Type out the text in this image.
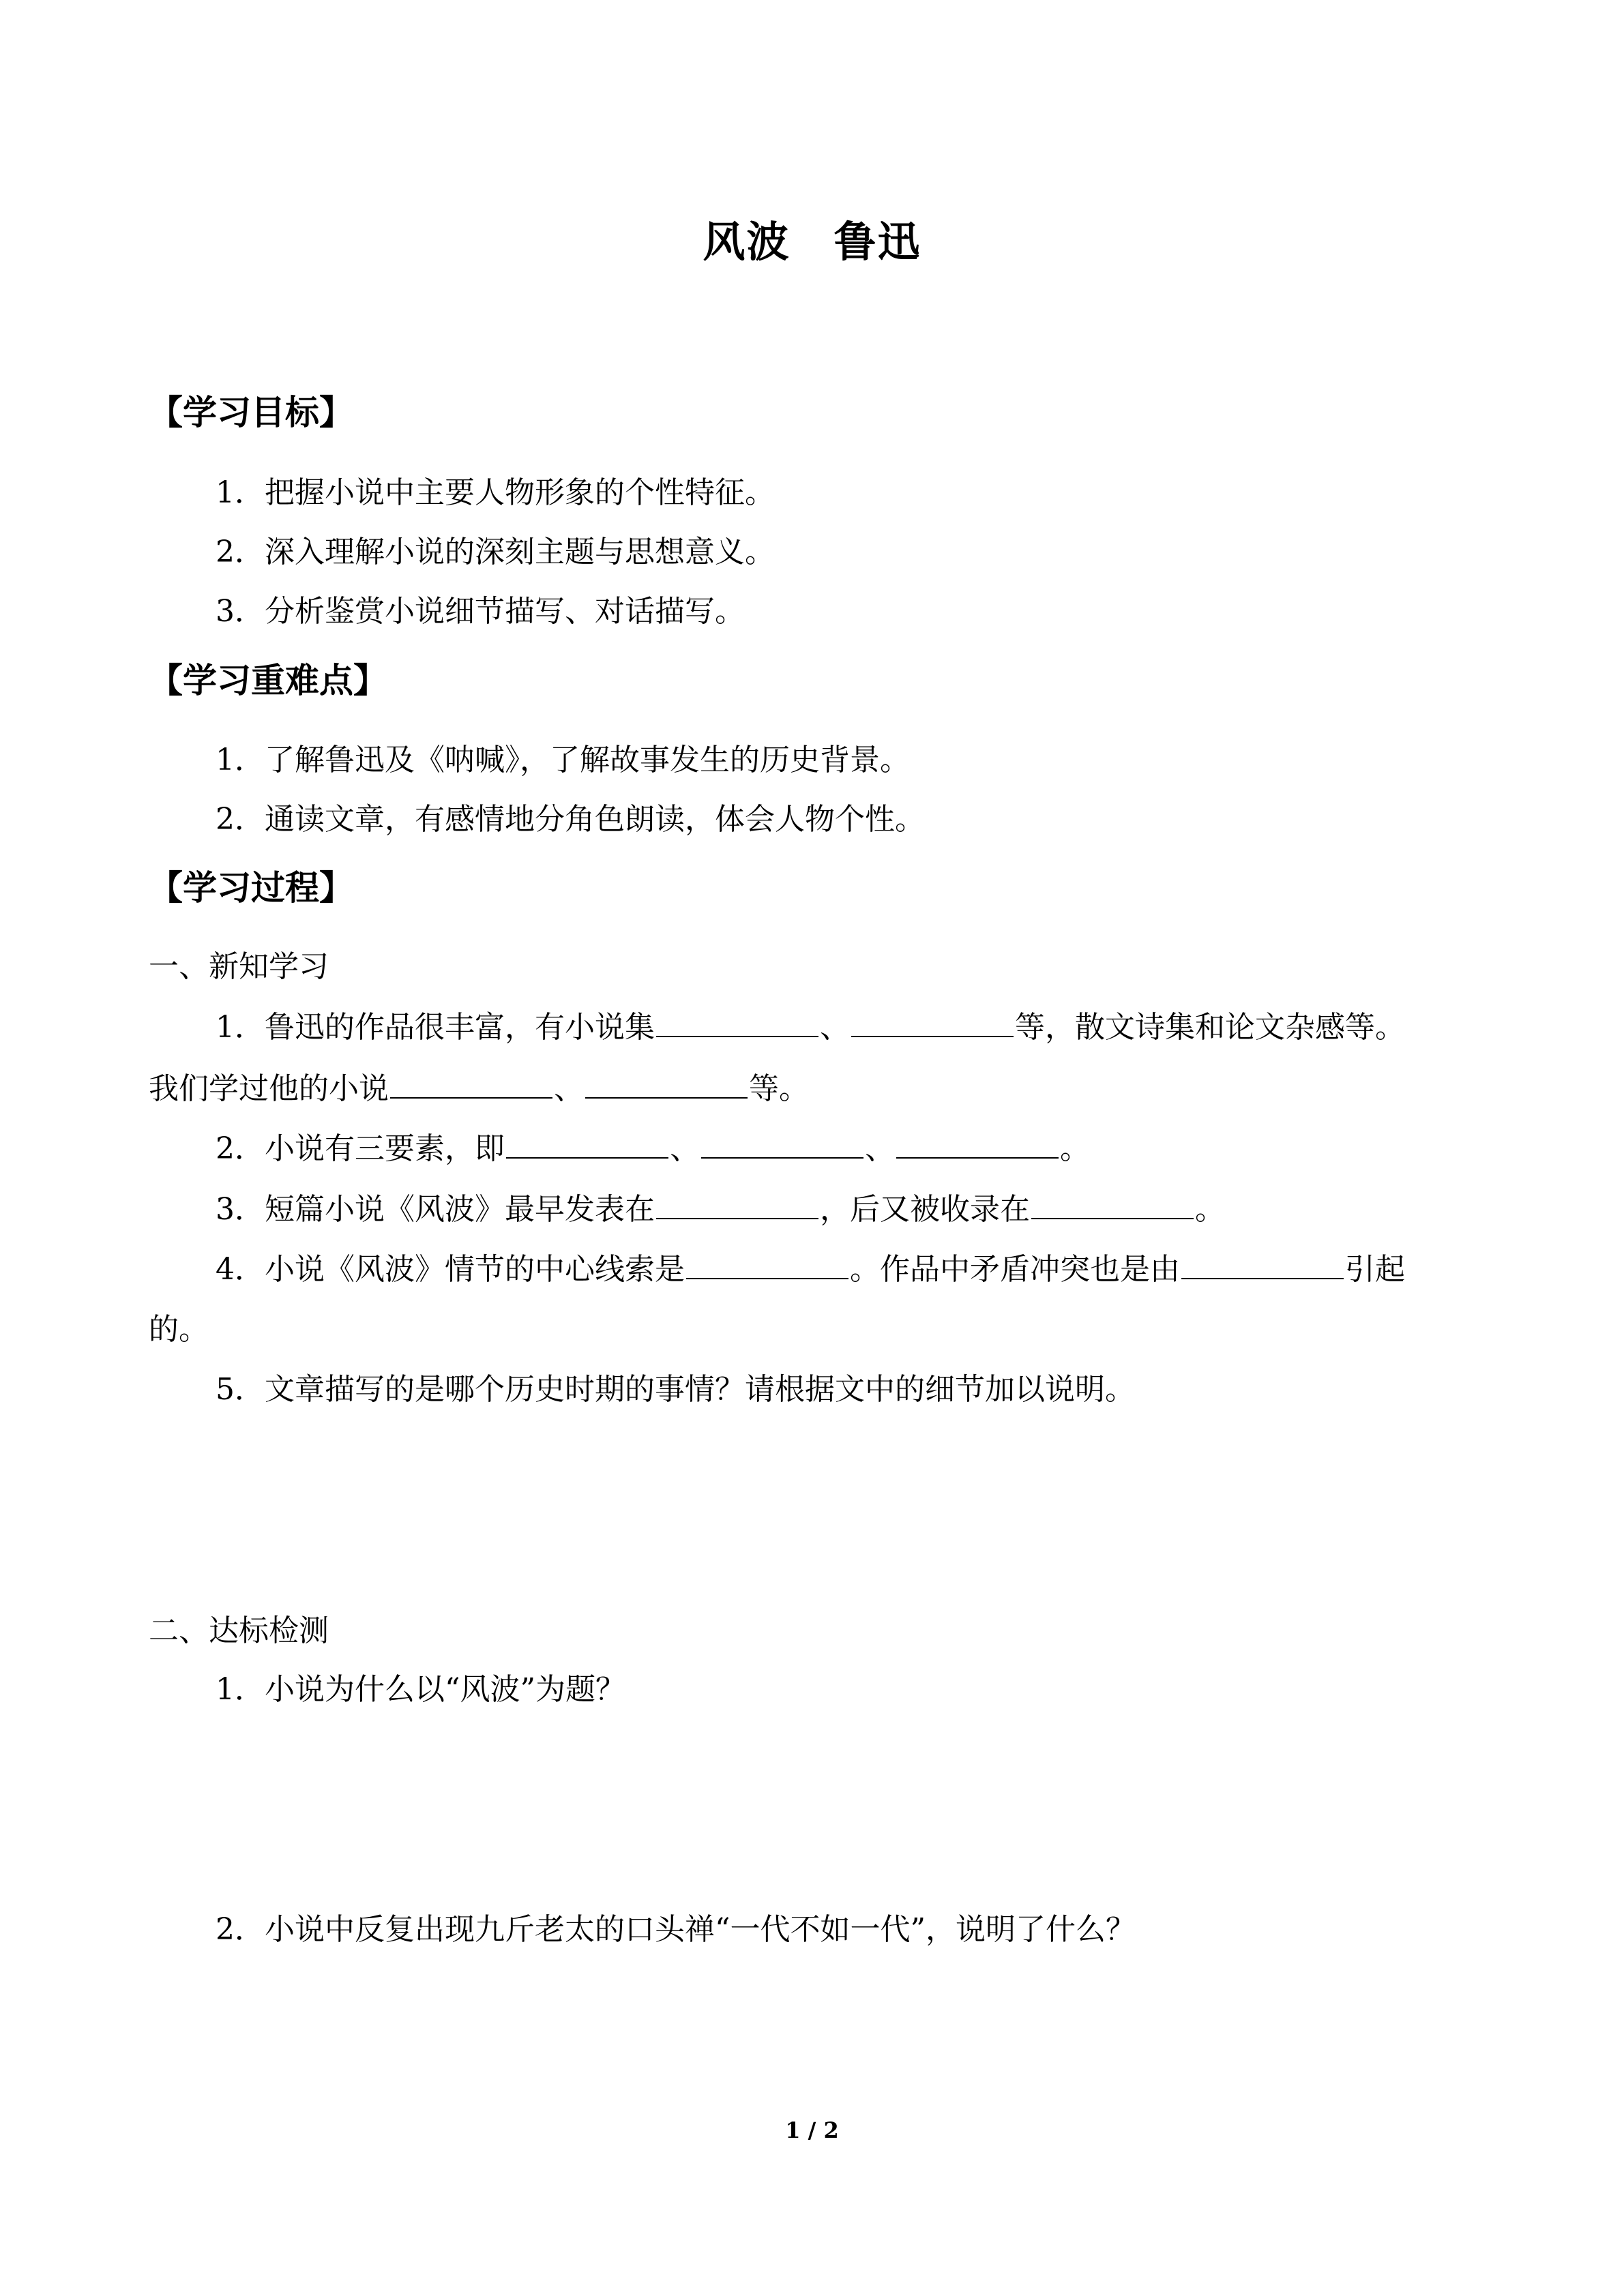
风波　鲁迅
【学习目标】
1．把握小说中主要人物形象的个性特征。
2．深入理解小说的深刻主题与思想意义。
3．分析鉴赏小说细节描写、对话描写。
【学习重难点】
1．了解鲁迅及《呐喊》，了解故事发生的历史背景。
2．通读文章，有感情地分角色朗读，体会人物个性。
【学习过程】
一、新知学习
1．鲁迅的作品很丰富，有小说集	、	等，散文诗集和论文杂感等。
我们学过他的小说	、	等。
2．小说有三要素，即	、	、	。
3．短篇小说《风波》最早发表在	，后又被收录在	。
4．小说《风波》情节的中心线索是	。作品中矛盾冲突也是由	引起
的。
5．文章描写的是哪个历史时期的事情？请根据文中的细节加以说明。
二、达标检测
1．小说为什么以“风波”为题？
2．小说中反复出现九斤老太的口头禅“一代不如一代”，说明了什么？
1 / 2
